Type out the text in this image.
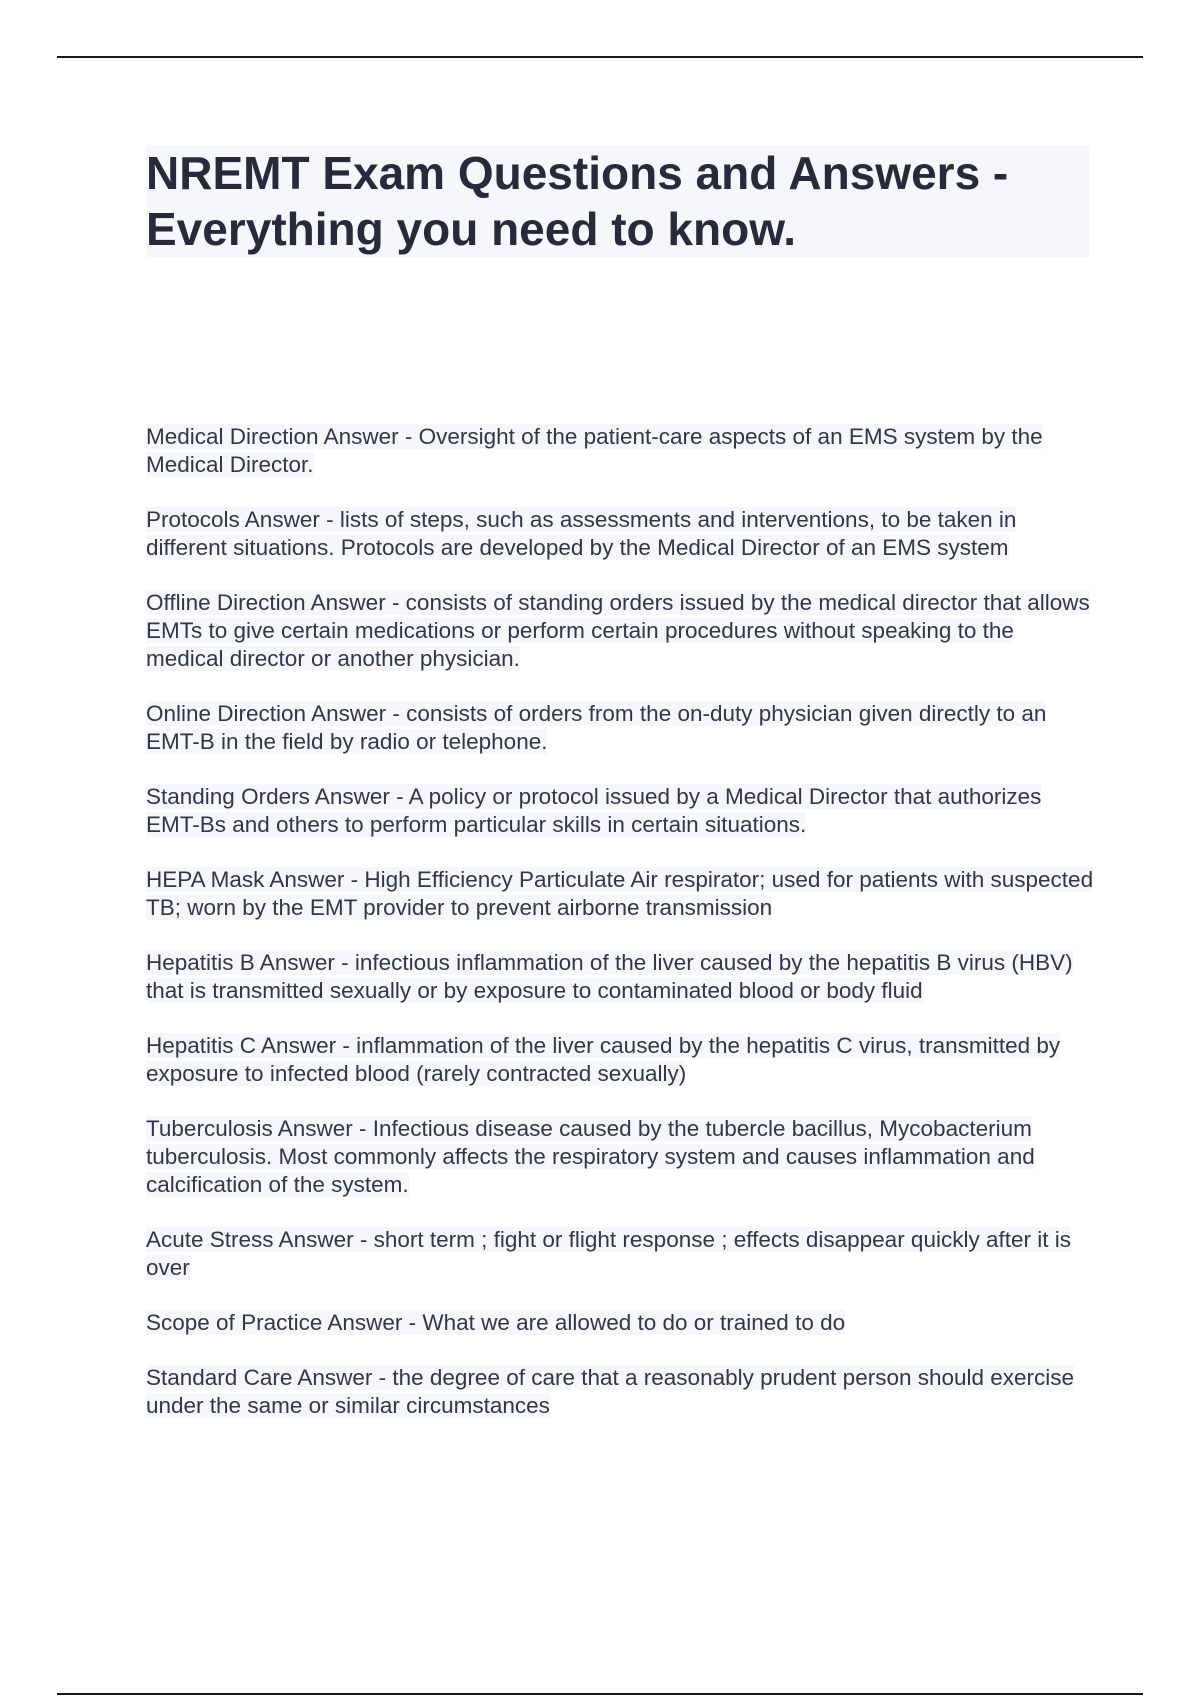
NREMT Exam Questions and Answers - Everything you need to know.

Medical Direction Answer - Oversight of the patient-care aspects of an EMS system by the Medical Director.

Protocols Answer - lists of steps, such as assessments and interventions, to be taken in different situations. Protocols are developed by the Medical Director of an EMS system

Offline Direction Answer - consists of standing orders issued by the medical director that allows EMTs to give certain medications or perform certain procedures without speaking to the medical director or another physician.

Online Direction Answer - consists of orders from the on-duty physician given directly to an EMT-B in the field by radio or telephone.

Standing Orders Answer - A policy or protocol issued by a Medical Director that authorizes EMT-Bs and others to perform particular skills in certain situations.

HEPA Mask Answer - High Efficiency Particulate Air respirator; used for patients with suspected TB; worn by the EMT provider to prevent airborne transmission

Hepatitis B Answer - infectious inflammation of the liver caused by the hepatitis B virus (HBV) that is transmitted sexually or by exposure to contaminated blood or body fluid

Hepatitis C Answer - inflammation of the liver caused by the hepatitis C virus, transmitted by exposure to infected blood (rarely contracted sexually)

Tuberculosis Answer - Infectious disease caused by the tubercle bacillus, Mycobacterium tuberculosis. Most commonly affects the respiratory system and causes inflammation and calcification of the system.

Acute Stress Answer - short term ; fight or flight response ; effects disappear quickly after it is over

Scope of Practice Answer - What we are allowed to do or trained to do

Standard Care Answer - the degree of care that a reasonably prudent person should exercise under the same or similar circumstances
